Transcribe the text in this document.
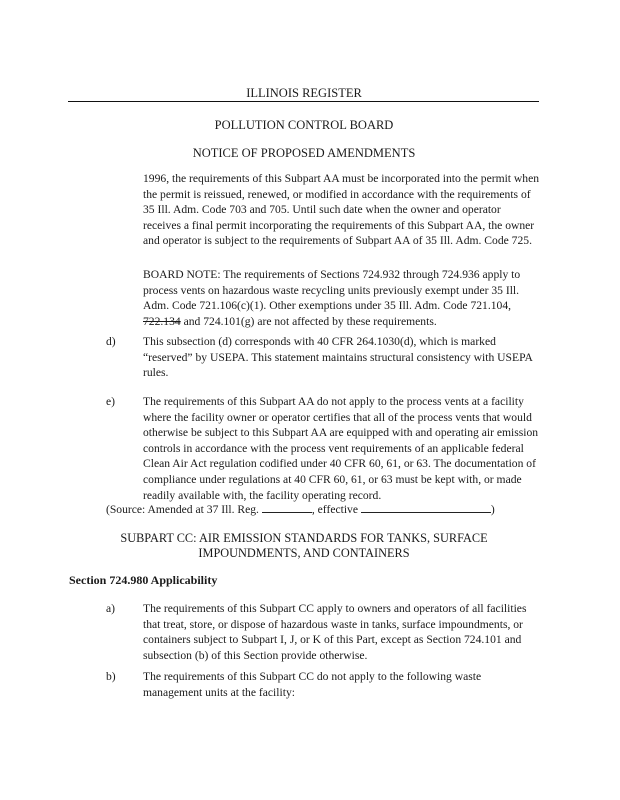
ILLINOIS REGISTER
POLLUTION CONTROL BOARD
NOTICE OF PROPOSED AMENDMENTS

1996, the requirements of this Subpart AA must be incorporated into the permit when the permit is reissued, renewed, or modified in accordance with the requirements of 35 Ill. Adm. Code 703 and 705. Until such date when the owner and operator receives a final permit incorporating the requirements of this Subpart AA, the owner and operator is subject to the requirements of Subpart AA of 35 Ill. Adm. Code 725.

BOARD NOTE: The requirements of Sections 724.932 through 724.936 apply to process vents on hazardous waste recycling units previously exempt under 35 Ill. Adm. Code 721.106(c)(1). Other exemptions under 35 Ill. Adm. Code 721.104, 722.134 and 724.101(g) are not affected by these requirements.

d) This subsection (d) corresponds with 40 CFR 264.1030(d), which is marked “reserved” by USEPA. This statement maintains structural consistency with USEPA rules.

e) The requirements of this Subpart AA do not apply to the process vents at a facility where the facility owner or operator certifies that all of the process vents that would otherwise be subject to this Subpart AA are equipped with and operating air emission controls in accordance with the process vent requirements of an applicable federal Clean Air Act regulation codified under 40 CFR 60, 61, or 63. The documentation of compliance under regulations at 40 CFR 60, 61, or 63 must be kept with, or made readily available with, the facility operating record.

(Source: Amended at 37 Ill. Reg.	, effective	)
SUBPART CC: AIR EMISSION STANDARDS FOR TANKS, SURFACE
IMPOUNDMENTS, AND CONTAINERS
Section 724.980 Applicability
a) The requirements of this Subpart CC apply to owners and operators of all facilities that treat, store, or dispose of hazardous waste in tanks, surface impoundments, or containers subject to Subpart I, J, or K of this Part, except as Section 724.101 and subsection (b) of this Section provide otherwise.

b) The requirements of this Subpart CC do not apply to the following waste management units at the facility:
